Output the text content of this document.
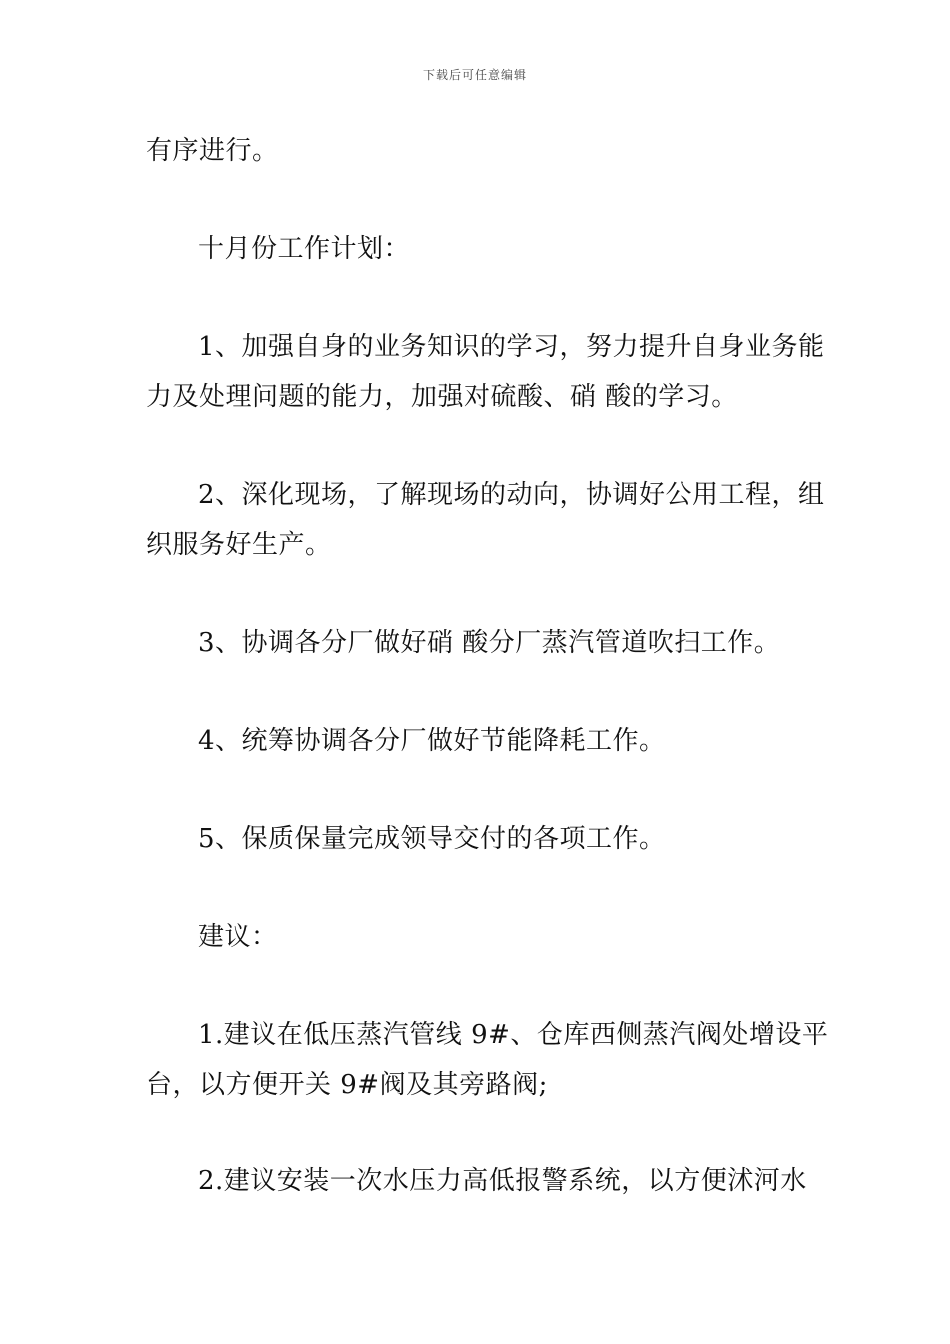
下载后可任意编辑

有序进行。

十月份工作计划：

1、加强自身的业务知识的学习，努力提升自身业务能

力及处理问题的能力，加强对硫酸、硝 酸的学习。

2、深化现场，了解现场的动向，协调好公用工程，组

织服务好生产。

3、协调各分厂做好硝 酸分厂蒸汽管道吹扫工作。

4、统筹协调各分厂做好节能降耗工作。

5、保质保量完成领导交付的各项工作。

建议：

1.建议在低压蒸汽管线 9#、仓库西侧蒸汽阀处增设平

台，以方便开关 9#阀及其旁路阀;

2.建议安装一次水压力高低报警系统，以方便沭河水
